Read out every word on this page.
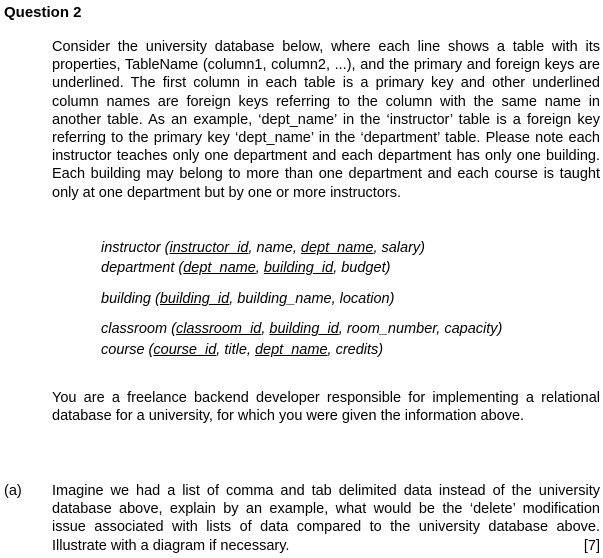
Question 2

Consider the university database below, where each line shows a table with its properties, TableName (column1, column2, ...), and the primary and foreign keys are underlined. The first column in each table is a primary key and other underlined column names are foreign keys referring to the column with the same name in another table. As an example, ‘dept_name’ in the ‘instructor’ table is a foreign key referring to the primary key ‘dept_name’ in the ‘department’ table. Please note each instructor teaches only one department and each department has only one building. Each building may belong to more than one department and each course is taught only at one department but by one or more instructors.

instructor (instructor_id, name, dept_name, salary)

department (dept_name, building_id, budget)

building (building_id, building_name, location)

classroom (classroom_id, building_id, room_number, capacity)

course (course_id, title, dept_name, credits)

You are a freelance backend developer responsible for implementing a relational database for a university, for which you were given the information above.

(a) Imagine we had a list of comma and tab delimited data instead of the university database above, explain by an example, what would be the ‘delete’ modification issue associated with lists of data compared to the university database above. Illustrate with a diagram if necessary.	[7]
